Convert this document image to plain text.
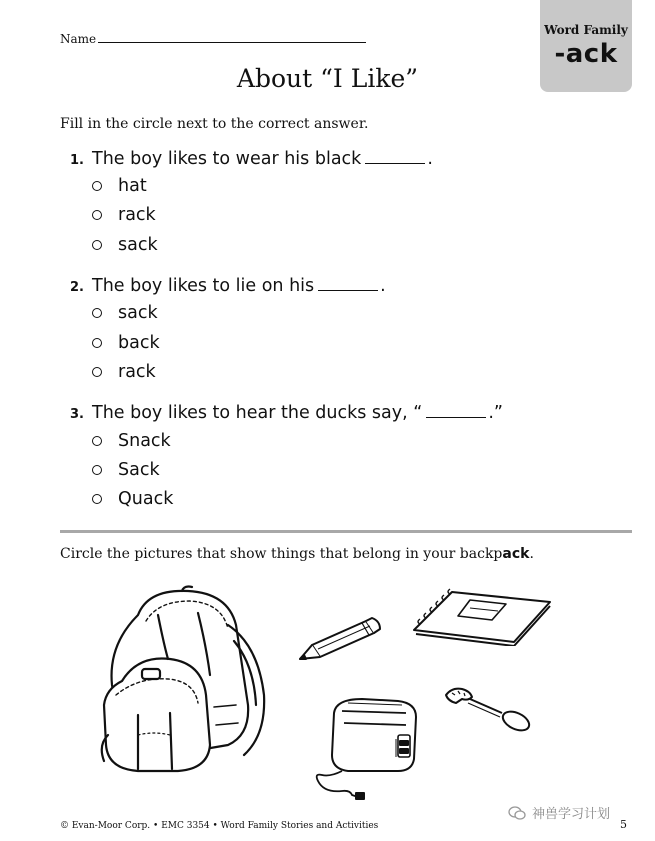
Name
Word Family
-ack
About “I Like”
Fill in the circle next to the correct answer.
1. The boy likes to wear his black	.
hat
rack
sack
2. The boy likes to lie on his	.
sack
back
rack
3. The boy likes to hear the ducks say, “	.”
Snack
Sack
Quack
Circle the pictures that show things that belong in your backpack.
© Evan-Moor Corp. • EMC 3354 • Word Family Stories and Activities	5
神兽学习计划
